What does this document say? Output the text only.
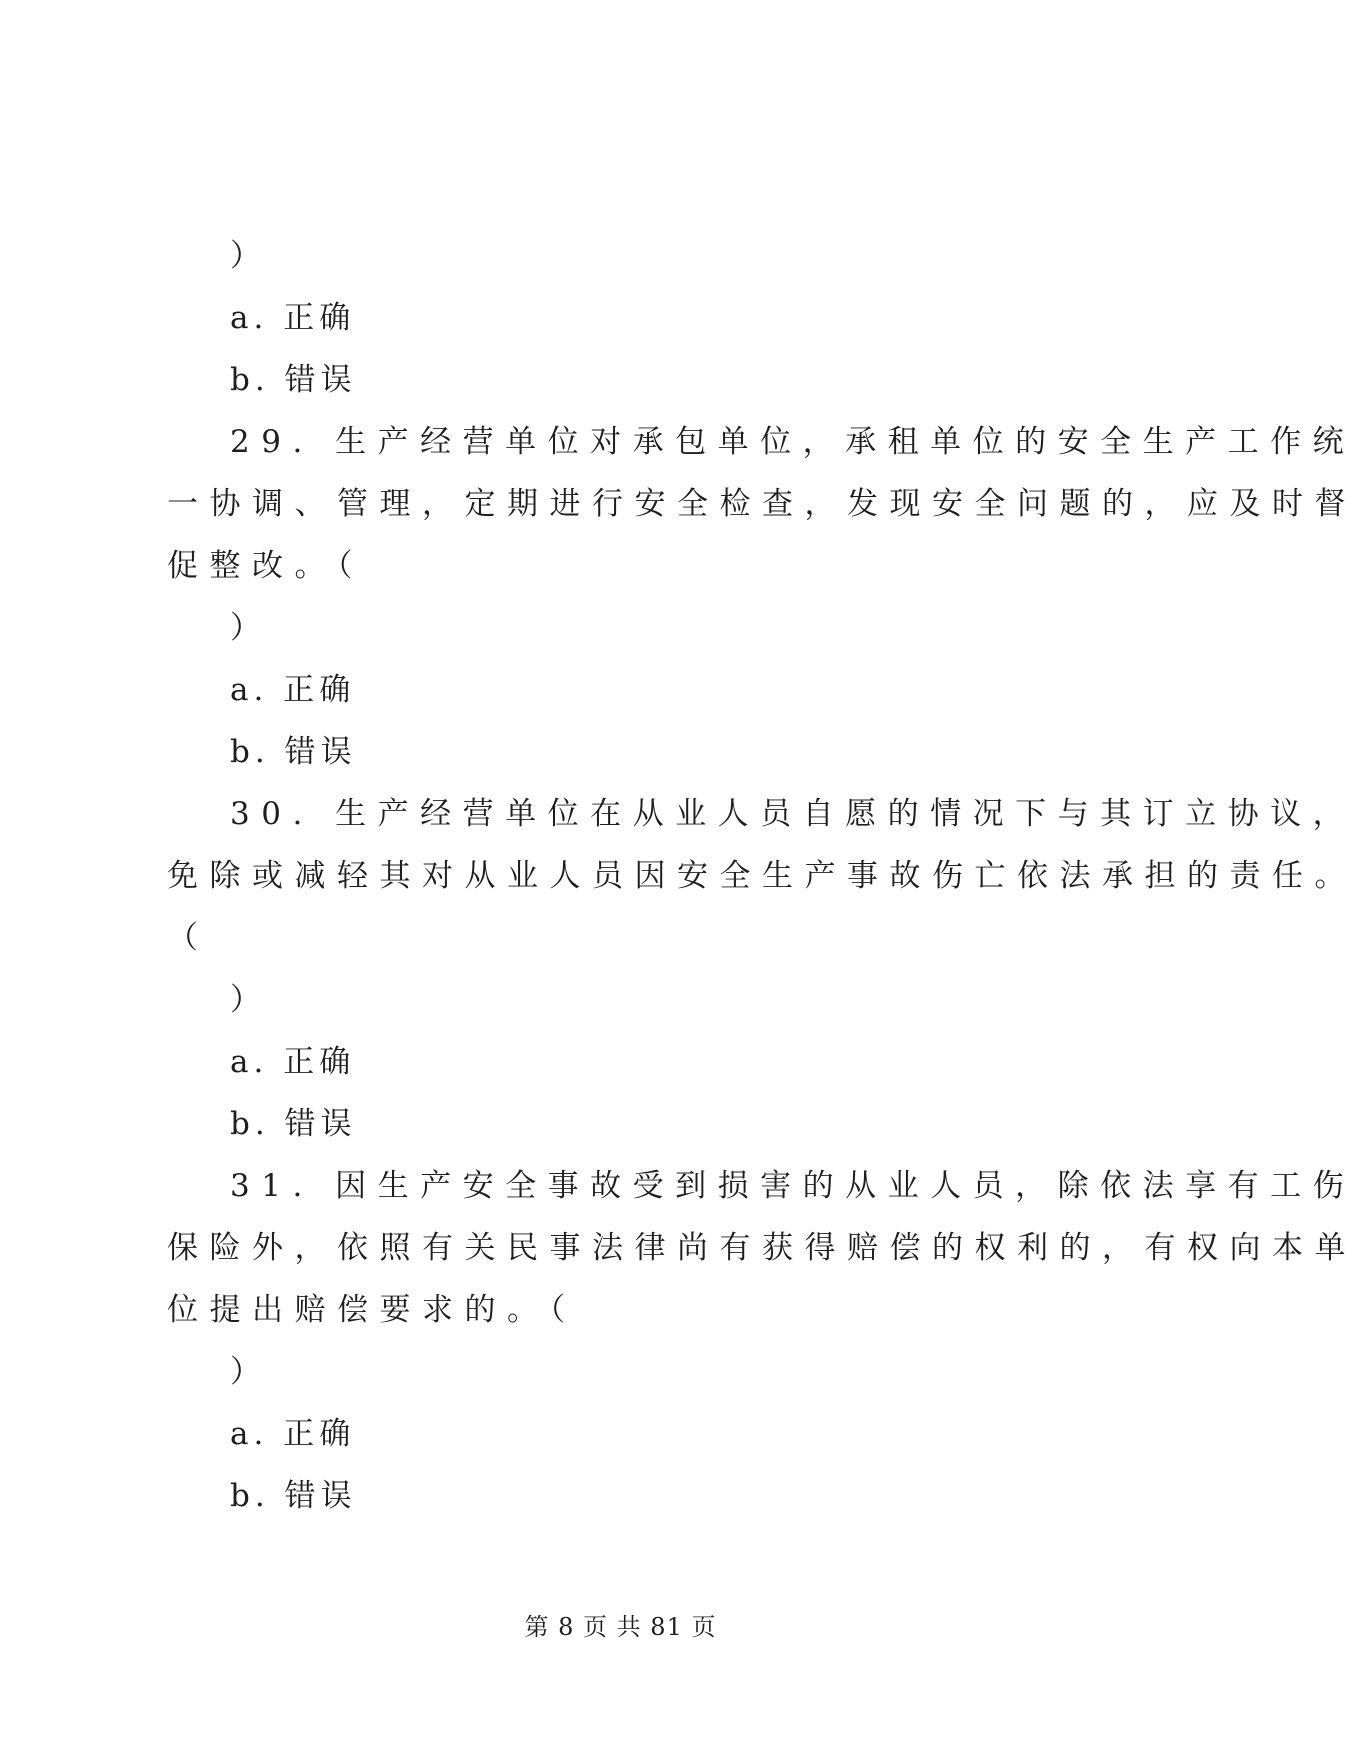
）
a. 正确
b. 错误
29. 生产经营单位对承包单位，承租单位的安全生产工作统
一协调、管理，定期进行安全检查，发现安全问题的，应及时督
促整改。（
）
a. 正确
b. 错误
30. 生产经营单位在从业人员自愿的情况下与其订立协议，
免除或减轻其对从业人员因安全生产事故伤亡依法承担的责任。
（
）
a. 正确
b. 错误
31. 因生产安全事故受到损害的从业人员，除依法享有工伤
保险外，依照有关民事法律尚有获得赔偿的权利的，有权向本单
位提出赔偿要求的。（
）
a. 正确
b. 错误
第 8 页 共 81 页
